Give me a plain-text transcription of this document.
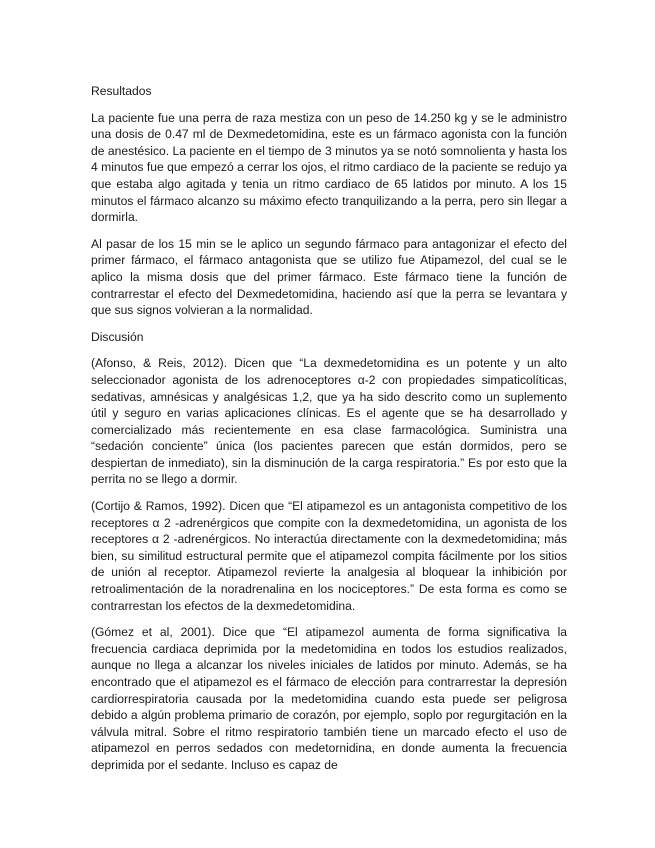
Resultados

La paciente fue una perra de raza mestiza con un peso de 14.250 kg y se le administro una dosis de 0.47 ml de Dexmedetomidina, este es un fármaco agonista con la función de anestésico. La paciente en el tiempo de 3 minutos ya se notó somnolienta y hasta los 4 minutos fue que empezó a cerrar los ojos, el ritmo cardiaco de la paciente se redujo ya que estaba algo agitada y tenia un ritmo cardiaco de 65 latidos por minuto. A los 15 minutos el fármaco alcanzo su máximo efecto tranquilizando a la perra, pero sin llegar a dormirla.

Al pasar de los 15 min se le aplico un segundo fármaco para antagonizar el efecto del primer fármaco, el fármaco antagonista que se utilizo fue Atipamezol, del cual se le aplico la misma dosis que del primer fármaco. Este fármaco tiene la función de contrarrestar el efecto del Dexmedetomidina, haciendo así que la perra se levantara y que sus signos volvieran a la normalidad.

Discusión

(Afonso, & Reis, 2012). Dicen que “La dexmedetomidina es un potente y un alto seleccionador agonista de los adrenoceptores α-2 con propiedades simpaticolíticas, sedativas, amnésicas y analgésicas 1,2, que ya ha sido descrito como un suplemento útil y seguro en varias aplicaciones clínicas. Es el agente que se ha desarrollado y comercializado más recientemente en esa clase farmacológica. Suministra una “sedación conciente” única (los pacientes parecen que están dormidos, pero se despiertan de inmediato), sin la disminución de la carga respiratoria.” Es por esto que la perrita no se llego a dormir.

(Cortijo & Ramos, 1992). Dicen que “El atipamezol es un antagonista competitivo de los receptores α 2 -adrenérgicos que compite con la dexmedetomidina, un agonista de los receptores α 2 -adrenérgicos. No interactúa directamente con la dexmedetomidina; más bien, su similitud estructural permite que el atipamezol compita fácilmente por los sitios de unión al receptor. Atipamezol revierte la analgesia al bloquear la inhibición por retroalimentación de la noradrenalina en los nociceptores.” De esta forma es como se contrarrestan los efectos de la dexmedetomidina.

(Gómez et al, 2001). Dice que “El atipamezol aumenta de forma significativa la frecuencia cardiaca deprimida por la medetomidina en todos los estudios realizados, aunque no llega a alcanzar los niveles iniciales de latidos por minuto. Además, se ha encontrado que el atipamezol es el fármaco de elección para contrarrestar la depresión cardiorrespiratoria causada por la medetomidina cuando esta puede ser peligrosa debido a algún problema primario de corazón, por ejemplo, soplo por regurgitación en la válvula mitral. Sobre el ritmo respiratorio también tiene un marcado efecto el uso de atipamezol en perros sedados con medetornidina, en donde aumenta la frecuencia deprimida por el sedante. Incluso es capaz de
